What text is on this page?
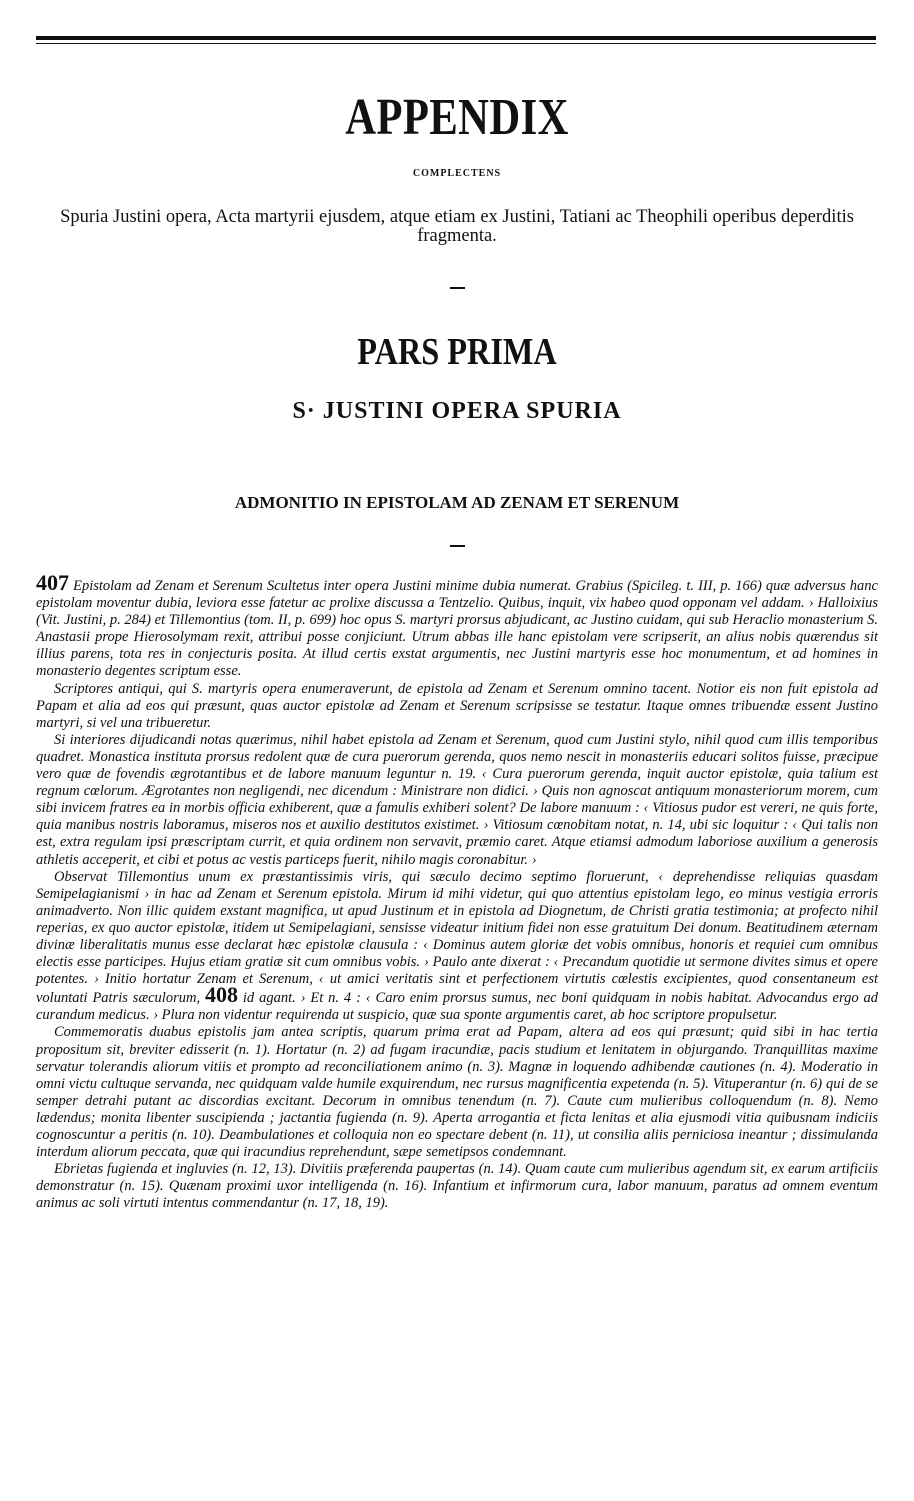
APPENDIX
COMPLECTENS
Spuria Justini opera, Acta martyrii ejusdem, atque etiam ex Justini, Tatiani ac Theophili operibus deperditis fragmenta.
PARS PRIMA
S· JUSTINI OPERA SPURIA
ADMONITIO IN EPISTOLAM AD ZENAM ET SERENUM

407 Epistolam ad Zenam et Serenum Scultetus inter opera Justini minime dubia numerat. Grabius (Spicileg. t. III, p. 166) quæ adversus hanc epistolam moventur dubia, leviora esse fatetur ac prolixe discussa a Tentzelio. Quibus, inquit, vix habeo quod opponam vel addam. › Halloixius (Vit. Justini, p. 284) et Tillemontius (tom. II, p. 699) hoc opus S. martyri prorsus abjudicant, ac Justino cuidam, qui sub Heraclio monasterium S. Anastasii prope Hierosolymam rexit, attribui posse conjiciunt. Utrum abbas ille hanc epistolam vere scripserit, an alius nobis quærendus sit illius parens, tota res in conjecturis posita. At illud certis exstat argumentis, nec Justini martyris esse hoc monumentum, et ad homines in monasterio degentes scriptum esse.

Scriptores antiqui, qui S. martyris opera enumeraverunt, de epistola ad Zenam et Serenum omnino tacent. Notior eis non fuit epistola ad Papam et alia ad eos qui præsunt, quas auctor epistolæ ad Zenam et Serenum scripsisse se testatur. Itaque omnes tribuendæ essent Justino martyri, si vel una tribueretur.

Si interiores dijudicandi notas quærimus, nihil habet epistola ad Zenam et Serenum, quod cum Justini stylo, nihil quod cum illis temporibus quadret. Monastica instituta prorsus redolent quæ de cura puerorum gerenda, quos nemo nescit in monasteriis educari solitos fuisse, præcipue vero quæ de fovendis ægrotantibus et de labore manuum leguntur n. 19. ‹ Cura puerorum gerenda, inquit auctor epistolæ, quia talium est regnum cœlorum. Ægrotantes non negligendi, nec dicendum : Ministrare non didici. › Quis non agnoscat antiquum monasteriorum morem, cum sibi invicem fratres ea in morbis officia exhiberent, quæ a famulis exhiberi solent? De labore manuum : ‹ Vitiosus pudor est vereri, ne quis forte, quia manibus nostris laboramus, miseros nos et auxilio destitutos existimet. › Vitiosum cœnobitam notat, n. 14, ubi sic loquitur : ‹ Qui talis non est, extra regulam ipsi præscriptam currit, et quia ordinem non servavit, præmio caret. Atque etiamsi admodum laboriose auxilium a generosis athletis acceperit, et cibi et potus ac vestis particeps fuerit, nihilo magis coronabitur. ›

Observat Tillemontius unum ex præstantissimis viris, qui sæculo decimo septimo floruerunt, ‹ deprehendisse reliquias quasdam Semipelagianismi › in hac ad Zenam et Serenum epistola. Mirum id mihi videtur, qui quo attentius epistolam lego, eo minus vestigia erroris animadverto. Non illic quidem exstant magnifica, ut apud Justinum et in epistola ad Diognetum, de Christi gratia testimonia; at profecto nihil reperias, ex quo auctor epistolæ, itidem ut Semipelagiani, sensisse videatur initium fidei non esse gratuitum Dei donum. Beatitudinem æternam divinæ liberalitatis munus esse declarat hæc epistolæ clausula : ‹ Dominus autem gloriæ det vobis omnibus, honoris et requiei cum omnibus electis esse participes. Hujus etiam gratiæ sit cum omnibus vobis. › Paulo ante dixerat : ‹ Precandum quotidie ut sermone divites simus et opere potentes. › Initio hortatur Zenam et Serenum, ‹ ut amici veritatis sint et perfectionem virtutis cœlestis excipientes, quod consentaneum est voluntati Patris sæculorum, 408 id agant. › Et n. 4 : ‹ Caro enim prorsus sumus, nec boni quidquam in nobis habitat. Advocandus ergo ad curandum medicus. › Plura non videntur requirenda ut suspicio, quæ sua sponte argumentis caret, ab hoc scriptore propulsetur.

Commemoratis duabus epistolis jam antea scriptis, quarum prima erat ad Papam, altera ad eos qui præsunt; quid sibi in hac tertia propositum sit, breviter edisserit (n. 1). Hortatur (n. 2) ad fugam iracundiæ, pacis studium et lenitatem in objurgando. Tranquillitas maxime servatur tolerandis aliorum vitiis et prompto ad reconciliationem animo (n. 3). Magnæ in loquendo adhibendæ cautiones (n. 4). Moderatio in omni victu cultuque servanda, nec quidquam valde humile exquirendum, nec rursus magnificentia expetenda (n. 5). Vituperantur (n. 6) qui de se semper detrahi putant ac discordias excitant. Decorum in omnibus tenendum (n. 7). Caute cum mulieribus colloquendum (n. 8). Nemo lædendus; monita libenter suscipienda ; jactantia fugienda (n. 9). Aperta arrogantia et ficta lenitas et alia ejusmodi vitia quibusnam indiciis cognoscuntur a peritis (n. 10). Deambulationes et colloquia non eo spectare debent (n. 11), ut consilia aliis perniciosa ineantur ; dissimulanda interdum aliorum peccata, quæ qui iracundius reprehendunt, sæpe semetipsos condemnant.

Ebrietas fugienda et ingluvies (n. 12, 13). Divitiis præferenda paupertas (n. 14). Quam caute cum mulieribus agendum sit, ex earum artificiis demonstratur (n. 15). Quænam proximi uxor intelligenda (n. 16). Infantium et infirmorum cura, labor manuum, paratus ad omnem eventum animus ac soli virtuti intentus commendantur (n. 17, 18, 19).
